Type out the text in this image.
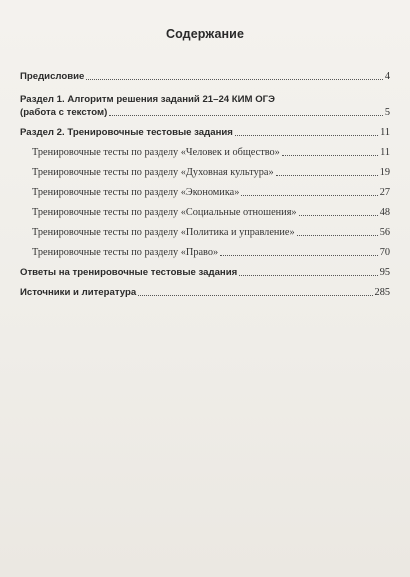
Содержание
Предисловие	4
Раздел 1. Алгоритм решения заданий 21–24 КИМ ОГЭ
(работа с текстом)	5
Раздел 2. Тренировочные тестовые задания	11
Тренировочные тесты по разделу «Человек и общество»	11
Тренировочные тесты по разделу «Духовная культура»	19
Тренировочные тесты по разделу «Экономика»	27
Тренировочные тесты по разделу «Социальные отношения»	48
Тренировочные тесты по разделу «Политика и управление»	56
Тренировочные тесты по разделу «Право»	70
Ответы на тренировочные тестовые задания	95
Источники и литература	285
